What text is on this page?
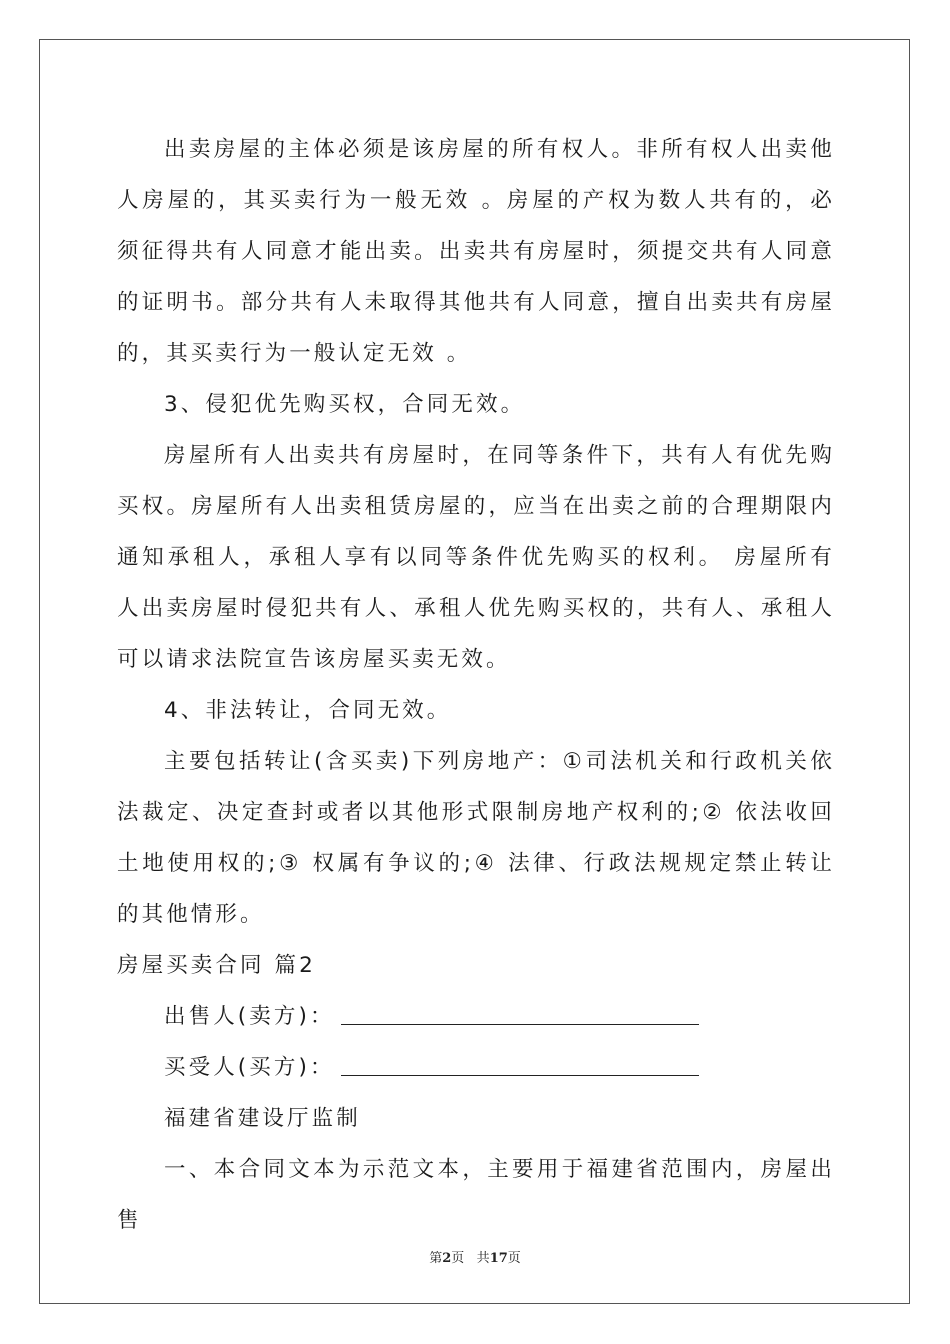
出卖房屋的主体必须是该房屋的所有权人。非所有权人出卖他人房屋的，其买卖行为一般无效 。房屋的产权为数人共有的，必须征得共有人同意才能出卖。出卖共有房屋时，须提交共有人同意的证明书。部分共有人未取得其他共有人同意，擅自出卖共有房屋的，其买卖行为一般认定无效 。

3、侵犯优先购买权，合同无效。

房屋所有人出卖共有房屋时，在同等条件下，共有人有优先购买权。房屋所有人出卖租赁房屋的，应当在出卖之前的合理期限内通知承租人，承租人享有以同等条件优先购买的权利。 房屋所有人出卖房屋时侵犯共有人、承租人优先购买权的，共有人、承租人可以请求法院宣告该房屋买卖无效。

4、非法转让，合同无效。

主要包括转让(含买卖)下列房地产：①司法机关和行政机关依法裁定、决定查封或者以其他形式限制房地产权利的;② 依法收回土地使用权的;③ 权属有争议的;④ 法律、行政法规规定禁止转让的其他情形。

房屋买卖合同 篇2

出售人(卖方)：

买受人(买方)：

福建省建设厅监制

一、本合同文本为示范文本，主要用于福建省范围内，房屋出售

第2页 共17页
